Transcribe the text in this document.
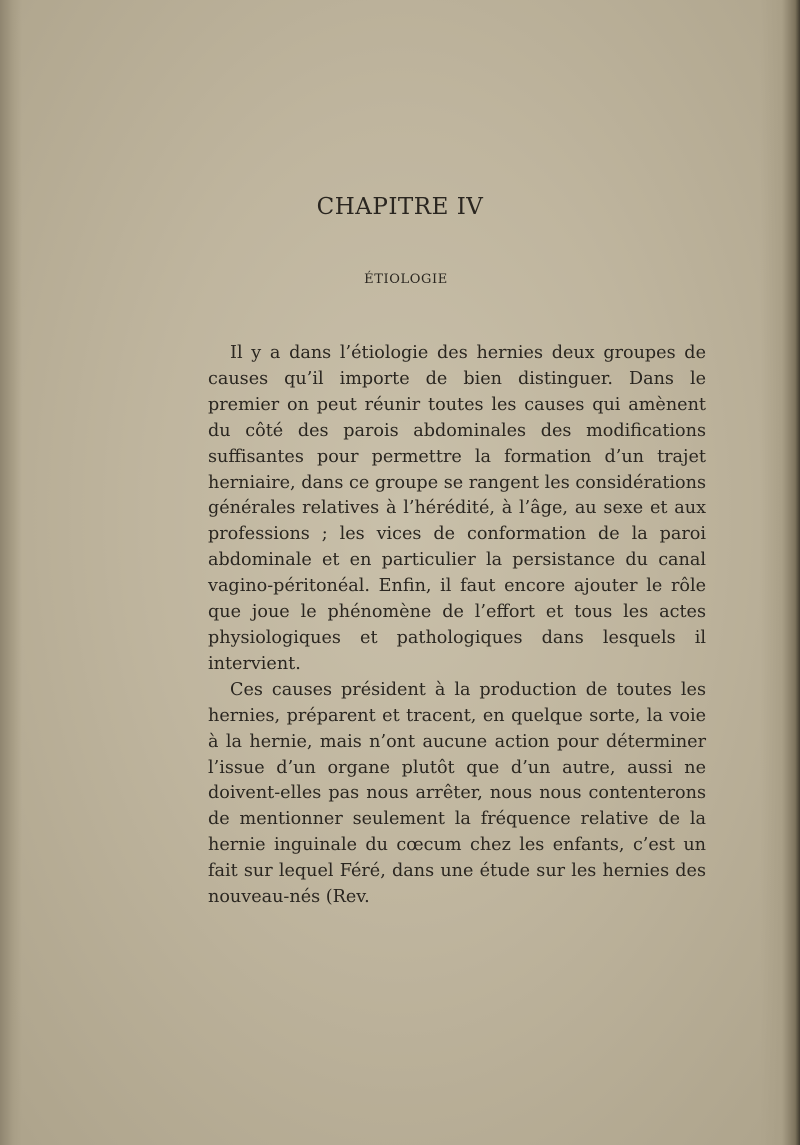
CHAPITRE IV
ÉTIOLOGIE

Il y a dans l’étiologie des hernies deux groupes de causes qu’il importe de bien distinguer. Dans le premier on peut réunir toutes les causes qui amènent du côté des parois abdominales des modifications suffisantes pour permettre la formation d’un trajet herniaire, dans ce groupe se rangent les considérations générales relatives à l’hérédité, à l’âge, au sexe et aux professions ; les vices de conformation de la paroi abdominale et en particulier la persistance du canal vagino-péritonéal. Enfin, il faut encore ajouter le rôle que joue le phénomène de l’effort et tous les actes physiologiques et pathologiques dans lesquels il intervient.

Ces causes président à la production de toutes les hernies, préparent et tracent, en quelque sorte, la voie à la hernie, mais n’ont aucune action pour déterminer l’issue d’un organe plutôt que d’un autre, aussi ne doivent-elles pas nous arrêter, nous nous contenterons de mentionner seulement la fréquence relative de la hernie inguinale du cœcum chez les enfants, c’est un fait sur lequel Féré, dans une étude sur les hernies des nouveau-nés (Rev.
